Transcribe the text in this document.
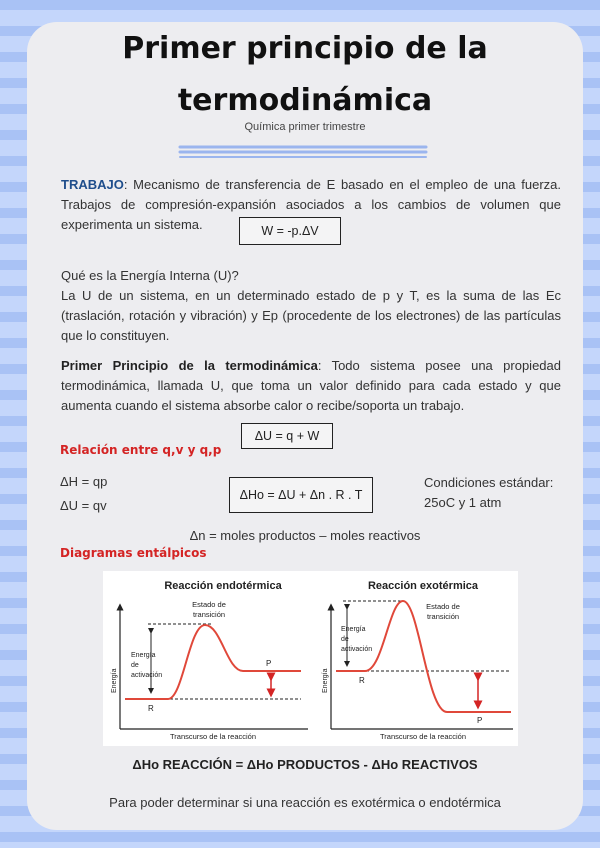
Primer principio de la
termodinámica
Química primer trimestre
TRABAJO: Mecanismo de transferencia de E basado en el empleo de una fuerza. Trabajos de compresión-expansión asociados a los cambios de volumen que experimenta un sistema.	W = -p.ΔV
Qué es la Energía Interna (U)?
La U de un sistema, en un determinado estado de p y T, es la suma de las Ec (traslación, rotación y vibración) y Ep (procedente de los electrones) de las partículas que lo constituyen.
Primer Principio de la termodinámica: Todo sistema posee una propiedad termodinámica, llamada U, que toma un valor definido para cada estado y que aumenta cuando el sistema absorbe calor o recibe/soporta un trabajo.
ΔU = q + W
Relación entre q,v y q,p
ΔH = qp
ΔU = qv
ΔHo = ΔU + Δn . R . T
Condiciones estándar:
25oC y 1 atm
Δn = moles productos – moles reactivos
Diagramas entálpicos
Reacción endotérmica
Energía
Transcurso de la reacción
Estado de
transición
Energía
de
activación
R
P
Reacción exotérmica
Energía
Transcurso de la reacción
Estado de
transición
Energía
de
activación
R
P
ΔHo REACCIÓN = ΔHo PRODUCTOS - ΔHo REACTIVOS
Para poder determinar si una reacción es exotérmica o endotérmica
